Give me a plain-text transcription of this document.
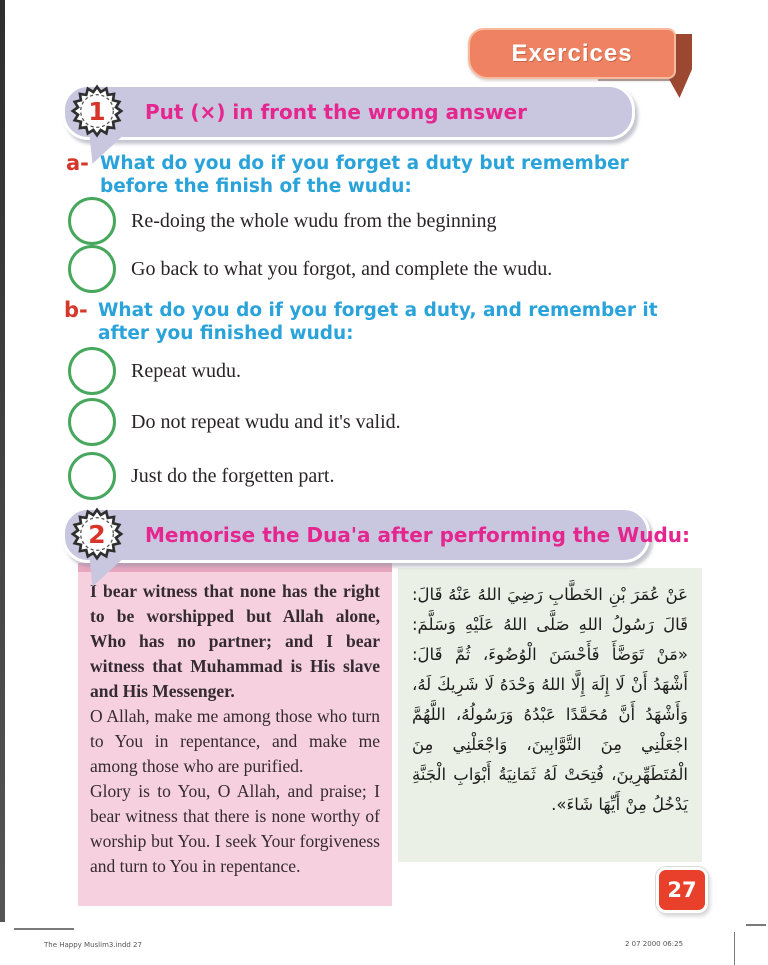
Exercices
1	Put (×) in front the wrong answer
a- What do you do if you forget a duty but remember before the finish of the wudu:
Re-doing the whole wudu from the beginning
Go back to what you forgot, and complete the wudu.
b- What do you do if you forget a duty, and remember it after you finished wudu:
Repeat wudu.
Do not repeat wudu and it's valid.
Just do the forgetten part.
2	Memorise the Dua'a after performing the Wudu:

I bear witness that none has the right to be worshipped but Allah alone, Who has no partner; and I bear witness that Muhammad is His slave and His Messenger.

O Allah, make me among those who turn to You in repentance, and make me among those who are purified.

Glory is to You, O Allah, and praise; I bear witness that there is none worthy of worship but You. I seek Your forgiveness and turn to You in repentance.

عَنْ عُمَرَ بْنِ الخَطَّابِ رَضِيَ اللهُ عَنْهُ قَالَ: قَالَ رَسُولُ اللهِ صَلَّى اللهُ عَلَيْهِ وَسَلَّمَ: «مَنْ تَوَضَّأَ فَأَحْسَنَ الْوُضُوءَ، ثُمَّ قَالَ: أَشْهَدُ أَنْ لَا إِلَهَ إِلَّا اللهُ وَحْدَهُ لَا شَرِيكَ لَهُ، وَأَشْهَدُ أَنَّ مُحَمَّدًا عَبْدُهُ وَرَسُولُهُ، اللَّهُمَّ اجْعَلْنِي مِنَ التَّوَّابِينَ، وَاجْعَلْنِي مِنَ الْمُتَطَهِّرِينَ، فُتِحَتْ لَهُ ثَمَانِيَةُ أَبْوَابِ الْجَنَّةِ يَدْخُلُ مِنْ أَيِّهَا شَاءَ».
27
The Happy Muslim3.indd 27	2 07 2000 06:25
